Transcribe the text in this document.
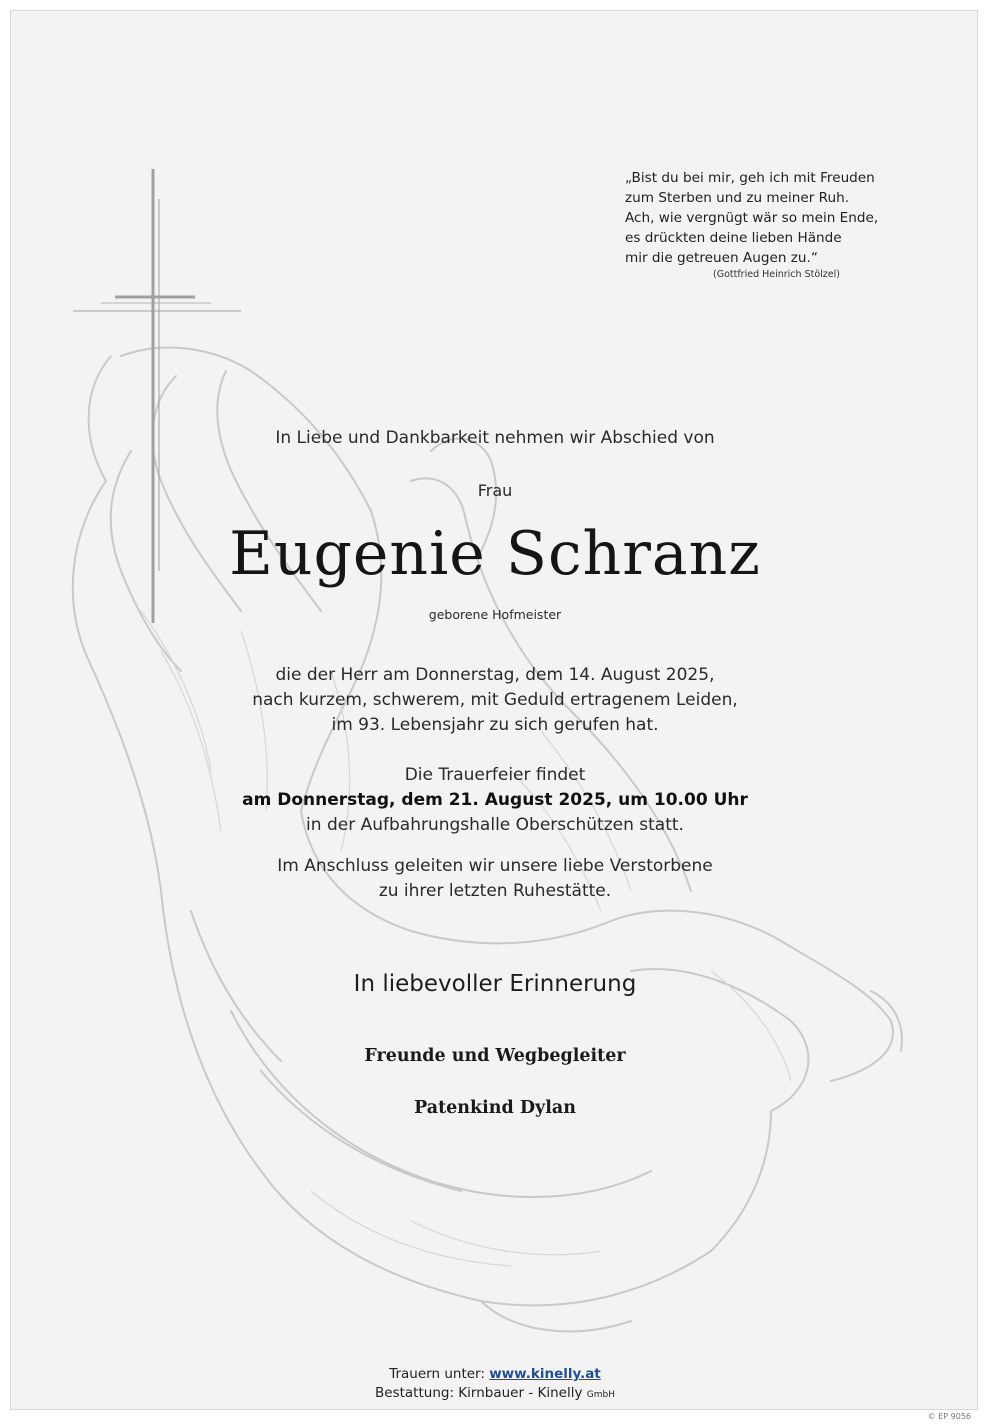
„Bist du bei mir, geh ich mit Freuden
zum Sterben und zu meiner Ruh.
Ach, wie vergnügt wär so mein Ende,
es drückten deine lieben Hände
mir die getreuen Augen zu.“
(Gottfried Heinrich Stölzel)
In Liebe und Dankbarkeit nehmen wir Abschied von
Frau
Eugenie Schranz
geborene Hofmeister
die der Herr am Donnerstag, dem 14. August 2025,
nach kurzem, schwerem, mit Geduld ertragenem Leiden,
im 93. Lebensjahr zu sich gerufen hat.
Die Trauerfeier findet
am Donnerstag, dem 21. August 2025, um 10.00 Uhr
in der Aufbahrungshalle Oberschützen statt.
Im Anschluss geleiten wir unsere liebe Verstorbene
zu ihrer letzten Ruhestätte.
In liebevoller Erinnerung
Freunde und Wegbegleiter
Patenkind Dylan
Trauern unter: www.kinelly.at
Bestattung: Kirnbauer - Kinelly GmbH
© EP 9056
